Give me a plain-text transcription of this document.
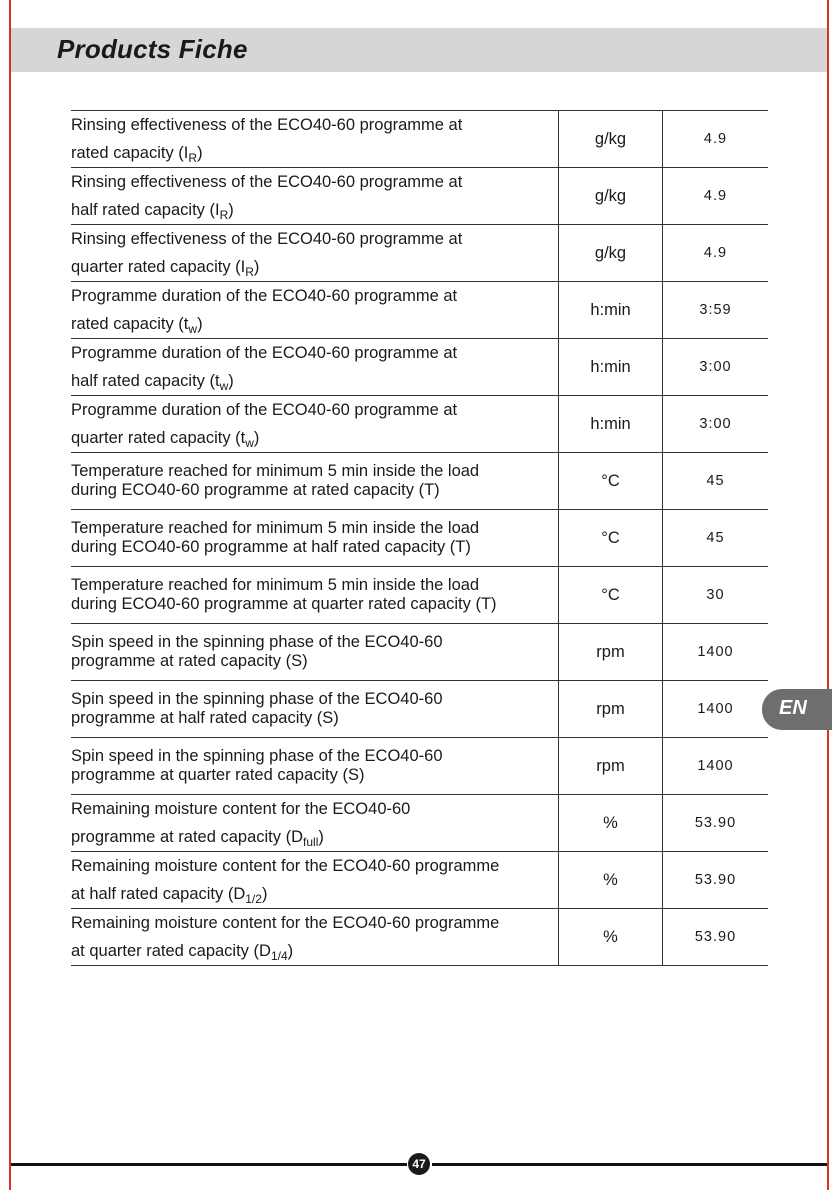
Products Fiche
Rinsing effectiveness of the ECO40-60 programme at
rated capacity $(I_R)$	g/kg	4.9

Rinsing effectiveness of the ECO40-60 programme at
half rated capacity $(I_R)$	g/kg	4.9

Rinsing effectiveness of the ECO40-60 programme at
quarter rated capacity $(I_R)$	g/kg	4.9

Programme duration of the ECO40-60 programme at
rated capacity $(t_w)$	h:min	3:59

Programme duration of the ECO40-60 programme at
half rated capacity $(t_w)$	h:min	3:00

Programme duration of the ECO40-60 programme at
quarter rated capacity $(t_w)$	h:min	3:00

Temperature reached for minimum 5 min inside the load
during ECO40-60 programme at rated capacity (T)	°C	45

Temperature reached for minimum 5 min inside the load
during ECO40-60 programme at half rated capacity (T)	°C	45

Temperature reached for minimum 5 min inside the load
during ECO40-60 programme at quarter rated capacity (T)	°C	30

Spin speed in the spinning phase of the ECO40-60
programme at rated capacity (S)	rpm	1400

Spin speed in the spinning phase of the ECO40-60
programme at half rated capacity (S)	rpm	1400

Spin speed in the spinning phase of the ECO40-60
programme at quarter rated capacity (S)	rpm	1400

Remaining moisture content for the ECO40-60
programme at rated capacity $(D_{full})$	%	53.90

Remaining moisture content for the ECO40-60 programme
at half rated capacity $(D_{1/2})$	%	53.90

Remaining moisture content for the ECO40-60 programme
at quarter rated capacity $(D_{1/4})$	%	53.90
EN
47
